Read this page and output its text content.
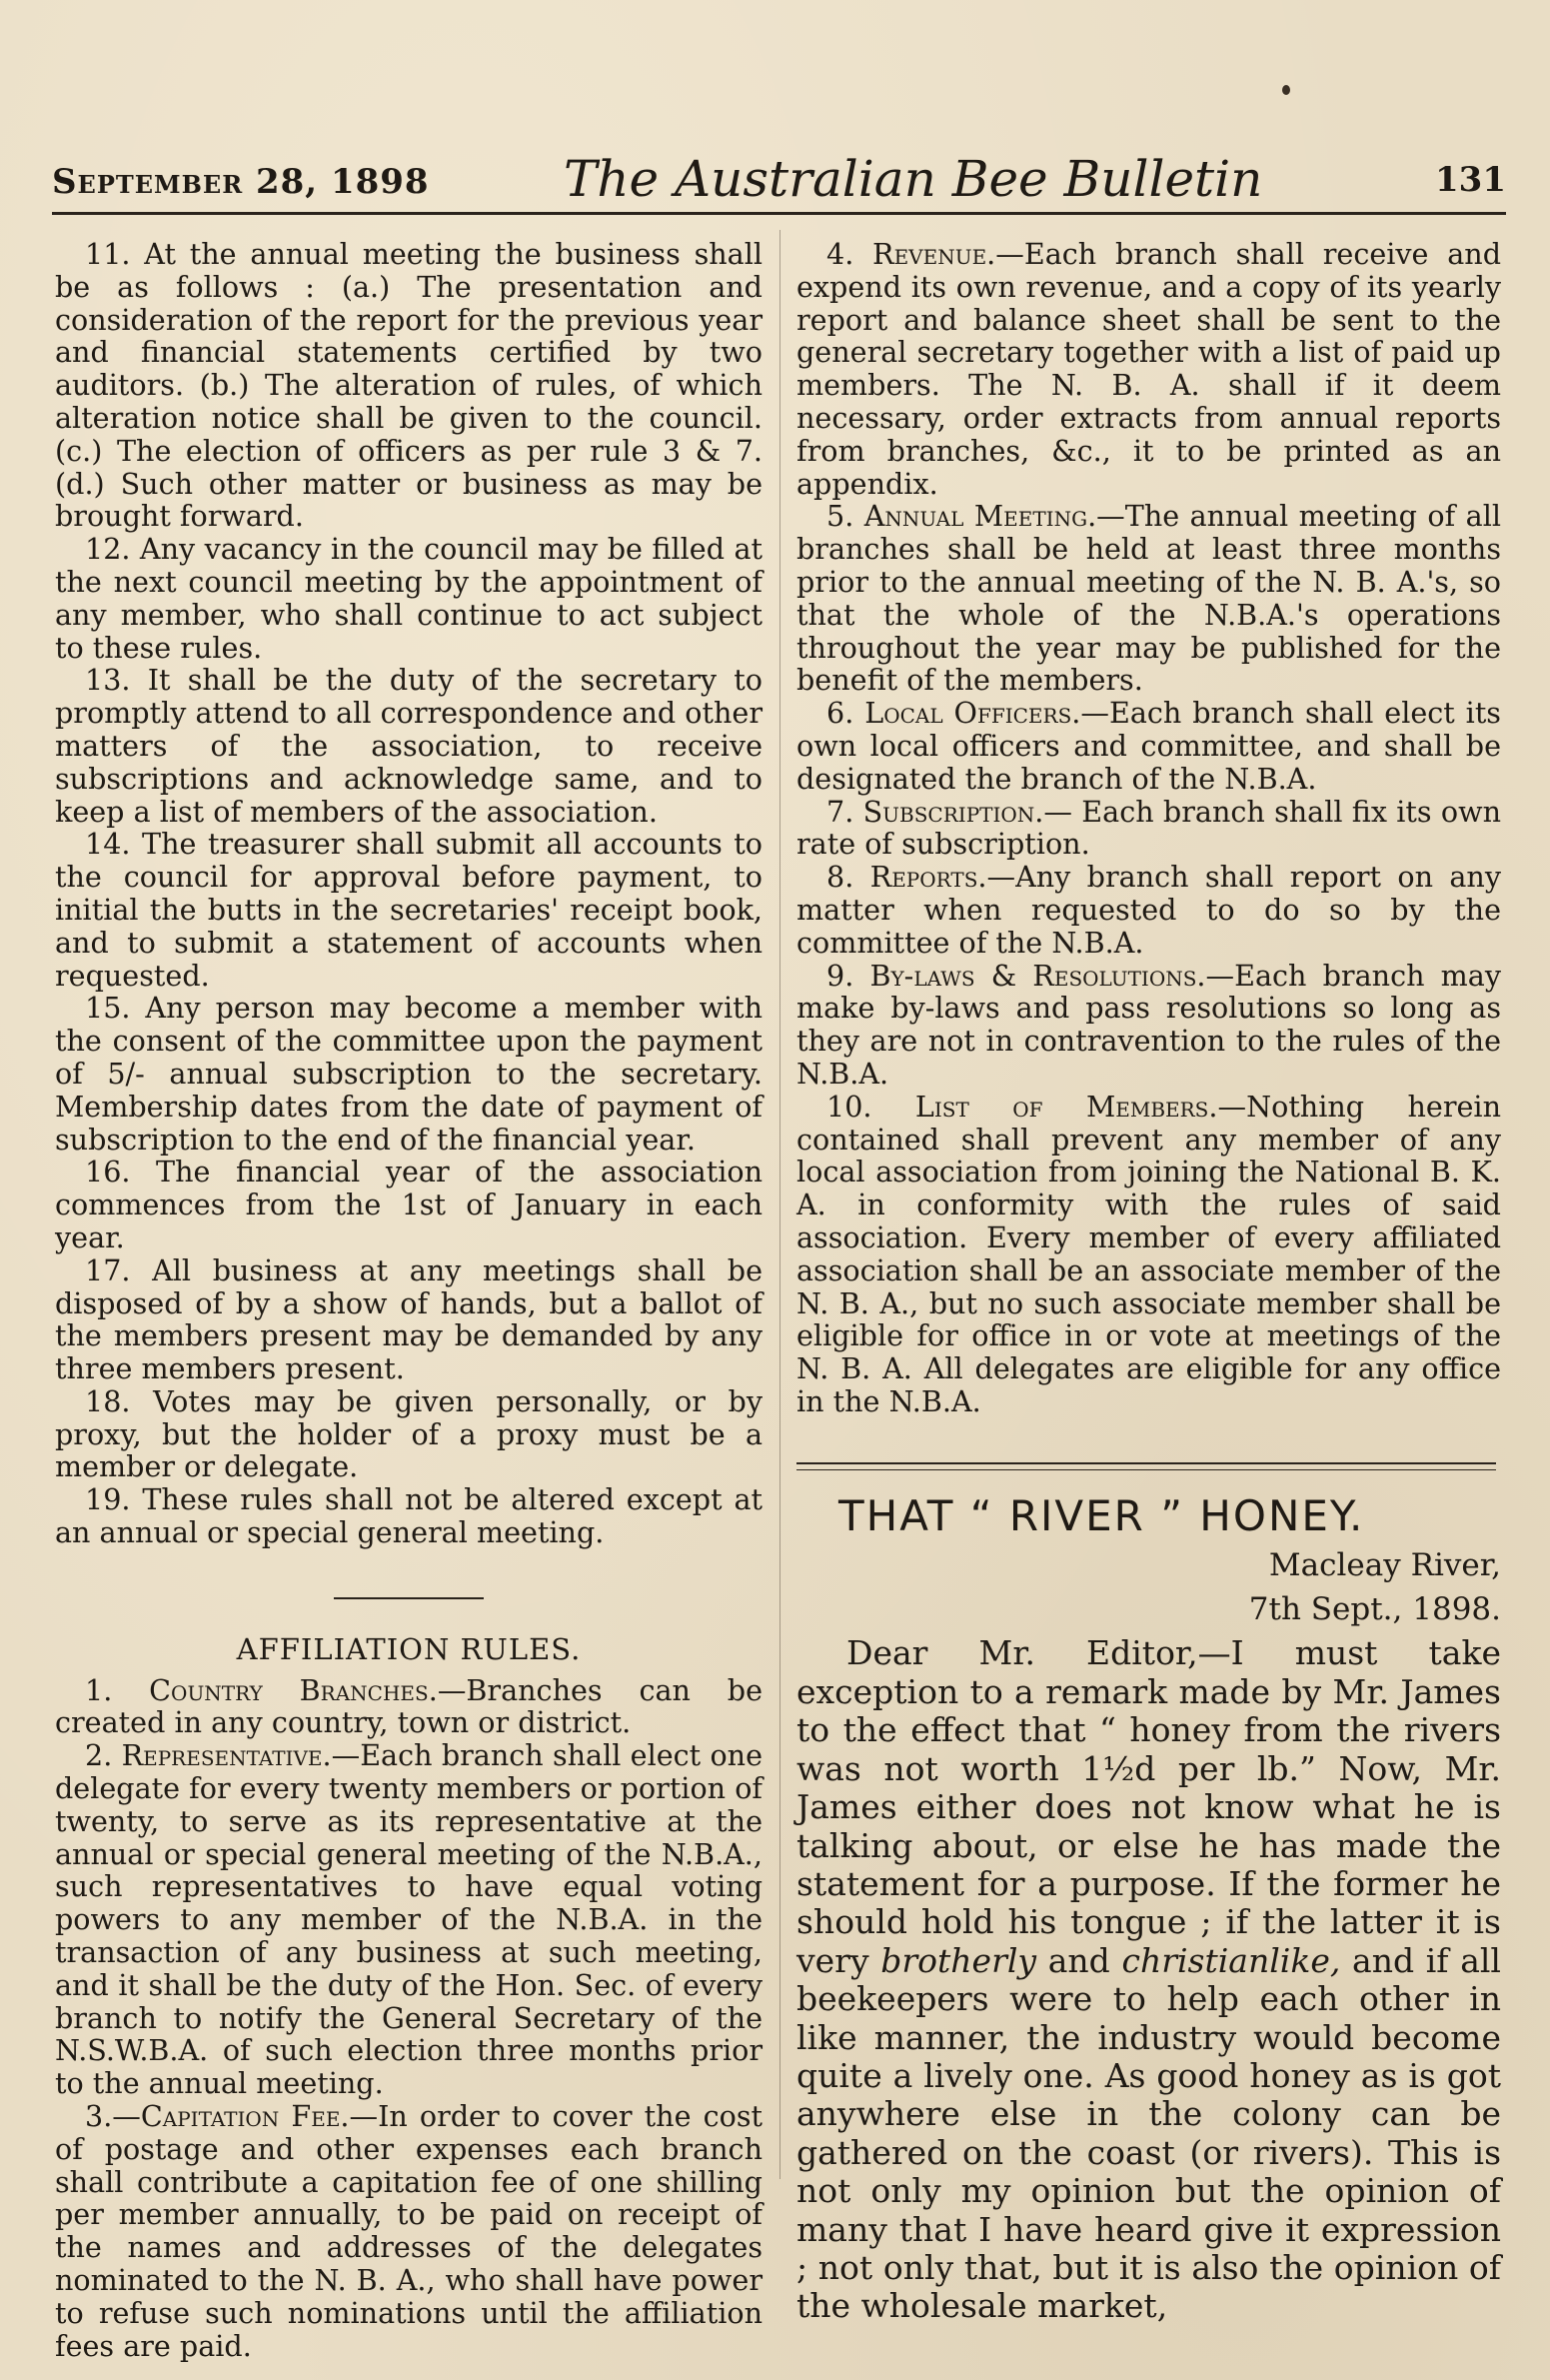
September 28, 1898	The Australian Bee Bulletin	131

11. At the annual meeting the business shall be as follows : (a.) The presentation and consideration of the report for the previous year and financial statements certified by two auditors. (b.) The alteration of rules, of which alteration notice shall be given to the council. (c.) The election of officers as per rule 3 & 7. (d.) Such other matter or business as may be brought forward.

12. Any vacancy in the council may be filled at the next council meeting by the appointment of any member, who shall continue to act subject to these rules.

13. It shall be the duty of the secretary to promptly attend to all correspondence and other matters of the association, to receive subscriptions and acknowledge same, and to keep a list of members of the association.

14. The treasurer shall submit all accounts to the council for approval before payment, to initial the butts in the secretaries' receipt book, and to submit a statement of accounts when requested.

15. Any person may become a member with the consent of the committee upon the payment of 5/- annual subscription to the secretary. Membership dates from the date of payment of subscription to the end of the financial year.

16. The financial year of the association commences from the 1st of January in each year.

17. All business at any meetings shall be disposed of by a show of hands, but a ballot of the members present may be demanded by any three members present.

18. Votes may be given personally, or by proxy, but the holder of a proxy must be a member or delegate.

19. These rules shall not be altered except at an annual or special general meeting.

AFFILIATION RULES.

1. Country Branches.—Branches can be created in any country, town or district.

2. Representative.—Each branch shall elect one delegate for every twenty members or portion of twenty, to serve as its representative at the annual or special general meeting of the N.B.A., such representatives to have equal voting powers to any member of the N.B.A. in the transaction of any business at such meeting, and it shall be the duty of the Hon. Sec. of every branch to notify the General Secretary of the N.S.W.B.A. of such election three months prior to the annual meeting.

3.—Capitation Fee.—In order to cover the cost of postage and other expenses each branch shall contribute a capitation fee of one shilling per member annually, to be paid on receipt of the names and addresses of the delegates nominated to the N. B. A., who shall have power to refuse such nominations until the affiliation fees are paid.

4. Revenue.—Each branch shall receive and expend its own revenue, and a copy of its yearly report and balance sheet shall be sent to the general secretary together with a list of paid up members. The N. B. A. shall if it deem necessary, order extracts from annual reports from branches, &c., it to be printed as an appendix.

5. Annual Meeting.—The annual meeting of all branches shall be held at least three months prior to the annual meeting of the N. B. A.'s, so that the whole of the N.B.A.'s operations throughout the year may be published for the benefit of the members.

6. Local Officers.—Each branch shall elect its own local officers and committee, and shall be designated the branch of the N.B.A.

7. Subscription.— Each branch shall fix its own rate of subscription.

8. Reports.—Any branch shall report on any matter when requested to do so by the committee of the N.B.A.

9. By-laws & Resolutions.—Each branch may make by-laws and pass resolutions so long as they are not in contravention to the rules of the N.B.A.

10. List of Members.—Nothing herein contained shall prevent any member of any local association from joining the National B. K. A. in conformity with the rules of said association. Every member of every affiliated association shall be an associate member of the N. B. A., but no such associate member shall be eligible for office in or vote at meetings of the N. B. A. All delegates are eligible for any office in the N.B.A.

THAT “ RIVER ” HONEY.
Macleay River,
7th Sept., 1898.

Dear Mr. Editor,—I must take exception to a remark made by Mr. James to the effect that “ honey from the rivers was not worth 1½d per lb.” Now, Mr. James either does not know what he is talking about, or else he has made the statement for a purpose. If the former he should hold his tongue ; if the latter it is very brotherly and christianlike, and if all beekeepers were to help each other in like manner, the industry would become quite a lively one. As good honey as is got anywhere else in the colony can be gathered on the coast (or rivers). This is not only my opinion but the opinion of many that I have heard give it expression ; not only that, but it is also the opinion of the wholesale market,
